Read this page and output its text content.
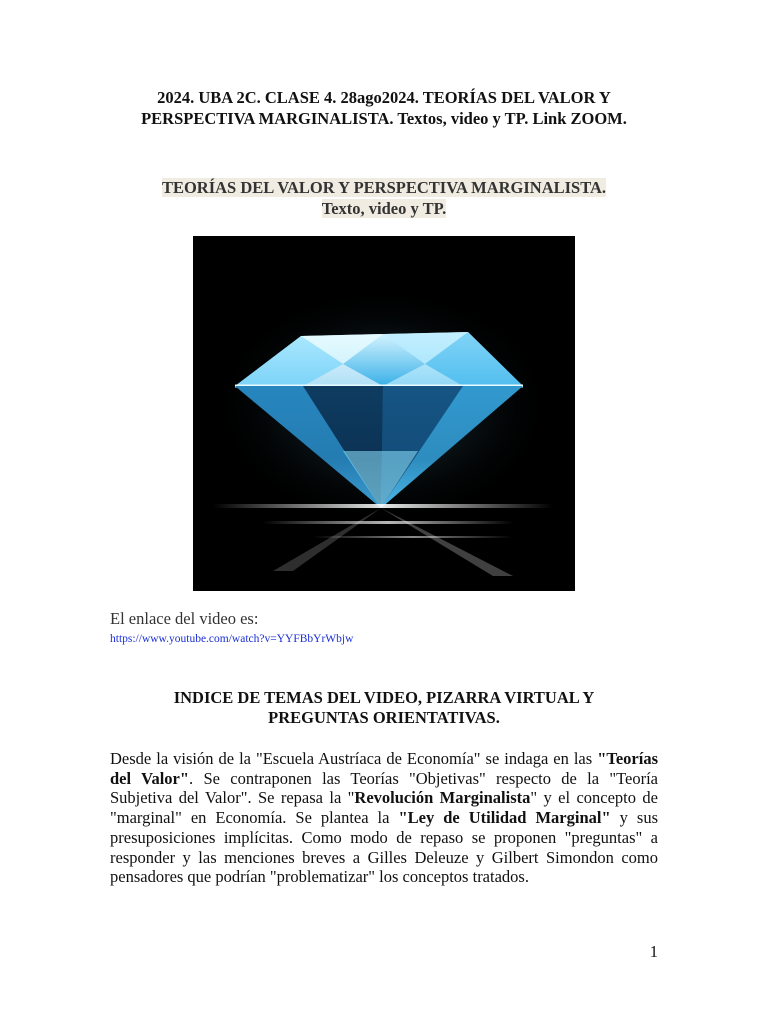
2024. UBA 2C. CLASE 4. 28ago2024. TEORÍAS DEL VALOR Y
PERSPECTIVA MARGINALISTA. Textos, video y TP. Link ZOOM.
TEORÍAS DEL VALOR Y PERSPECTIVA MARGINALISTA.
Texto, video y TP.
El enlace del video es:
https://www.youtube.com/watch?v=YYFBbYrWbjw
INDICE DE TEMAS DEL VIDEO, PIZARRA VIRTUAL Y
PREGUNTAS ORIENTATIVAS.
Desde la visión de la "Escuela Austríaca de Economía" se indaga en las "Teorías del Valor". Se contraponen las Teorías "Objetivas" respecto de la "Teoría Subjetiva del Valor". Se repasa la "Revolución Marginalista" y el concepto de "marginal" en Economía. Se plantea la "Ley de Utilidad Marginal" y sus presuposiciones implícitas. Como modo de repaso se proponen "preguntas" a responder y las menciones breves a Gilles Deleuze y Gilbert Simondon como pensadores que podrían "problematizar" los conceptos tratados.
1
